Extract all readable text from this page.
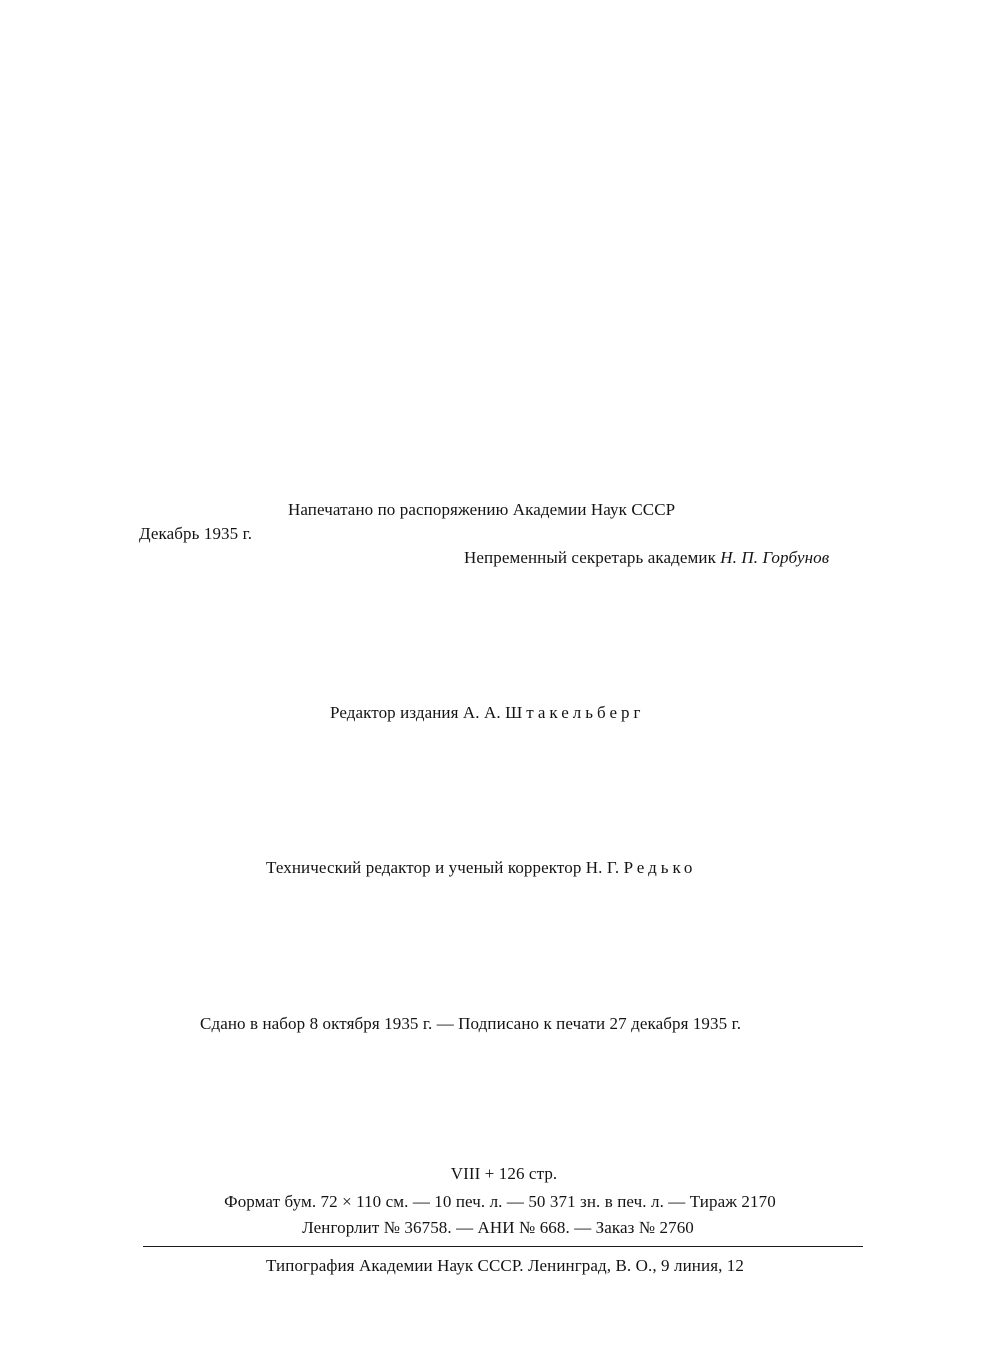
Напечатано по распоряжению Академии Наук СССР
Декабрь 1935 г.
Непременный секретарь академик Н. П. Горбунов
Редактор издания А. А. Штакельберг
Технический редактор и ученый корректор Н. Г. Редько
Сдано в набор 8 октября 1935 г. — Подписано к печати 27 декабря 1935 г.
VIII + 126 стр.
Формат бум. 72 × 110 см. — 10 печ. л. — 50 371 зн. в печ. л. — Тираж 2170
Ленгорлит № 36758. — АНИ № 668. — Заказ № 2760
Типография Академии Наук СССР. Ленинград, В. О., 9 линия, 12
